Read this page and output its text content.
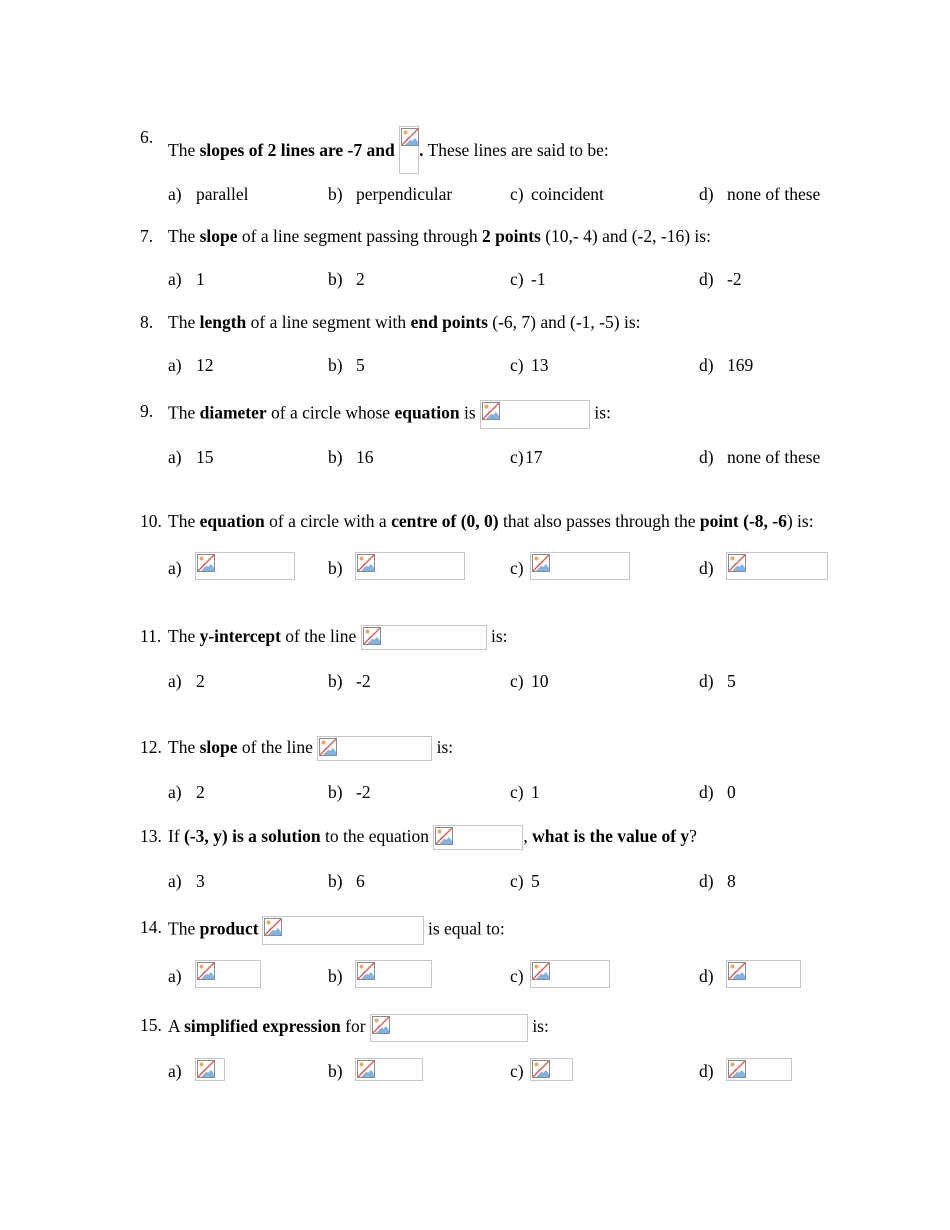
6.
The slopes of 2 lines are -7 and . These lines are said to be:
a) parallel	b) perpendicular	c) coincident	d) none of these
7. The slope of a line segment passing through 2 points (10,- 4) and (-2, -16) is:
a) 1	b) 2	c) -1	d) -2
8. The length of a line segment with end points (-6, 7) and (-1, -5) is:
a) 12	b) 5	c) 13	d) 169
9. The diameter of a circle whose equation is	is:
a) 15	b) 16	c) 17	d) none of these
10. The equation of a circle with a centre of (0, 0) that also passes through the point (-8, -6) is:
a)	b)	c)	d)
11. The y-intercept of the line	is:
a) 2	b) -2	c) 10	d) 5
12. The slope of the line	is:
a) 2	b) -2	c) 1	d) 0
13. If (-3, y) is a solution to the equation	, what is the value of y?
a) 3	b) 6	c) 5	d) 8
14. The product	is equal to:
a)	b)	c)	d)
15. A simplified expression for	is:
a)	b)	c)	d)
